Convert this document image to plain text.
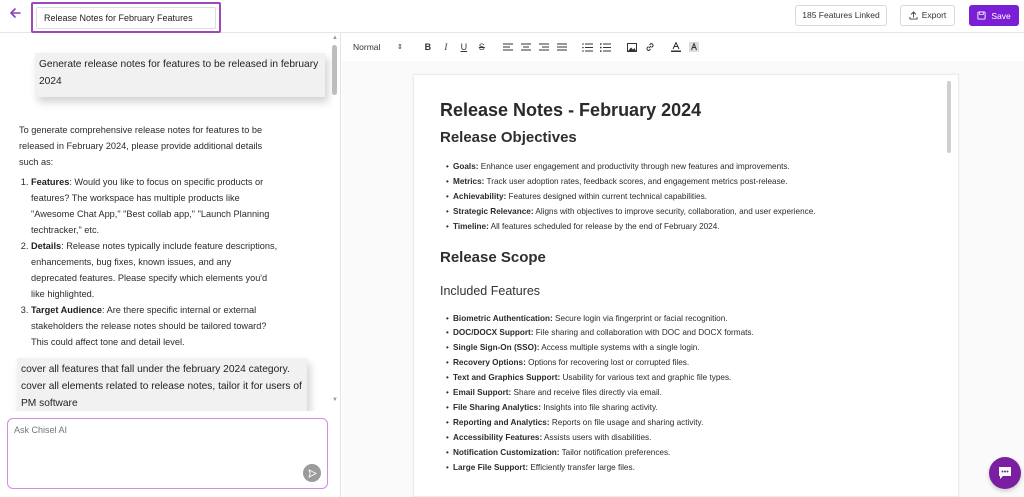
Release Notes for February Features
185 Features Linked	Export	Save
Generate release notes for features to be released in february 2024

To generate comprehensive release notes for features to be released in February 2024, please provide additional details such as:

1. Features: Would you like to focus on specific products or features? The workspace has multiple products like "Awesome Chat App," "Best collab app," "Launch Planning techtracker," etc.
2. Details: Release notes typically include feature descriptions, enhancements, bug fixes, known issues, and any deprecated features. Please specify which elements you'd like highlighted.
3. Target Audience: Are there specific internal or external stakeholders the release notes should be tailored toward? This could affect tone and detail level.
cover all features that fall under the february 2024 category. cover all elements related to release notes, tailor it for users of PM software
▲
▼
Ask Chisel AI
Normal
⇕	B	I	U	S
Release Notes - February 2024
Release Objectives
• Goals: Enhance user engagement and productivity through new features and improvements.
• Metrics: Track user adoption rates, feedback scores, and engagement metrics post-release.
• Achievability: Features designed within current technical capabilities.
• Strategic Relevance: Aligns with objectives to improve security, collaboration, and user experience.
• Timeline: All features scheduled for release by the end of February 2024.
Release Scope
Included Features
• Biometric Authentication: Secure login via fingerprint or facial recognition.
• DOC/DOCX Support: File sharing and collaboration with DOC and DOCX formats.
• Single Sign-On (SSO): Access multiple systems with a single login.
• Recovery Options: Options for recovering lost or corrupted files.
• Text and Graphics Support: Usability for various text and graphic file types.
• Email Support: Share and receive files directly via email.
• File Sharing Analytics: Insights into file sharing activity.
• Reporting and Analytics: Reports on file usage and sharing activity.
• Accessibility Features: Assists users with disabilities.
• Notification Customization: Tailor notification preferences.
• Large File Support: Efficiently transfer large files.
